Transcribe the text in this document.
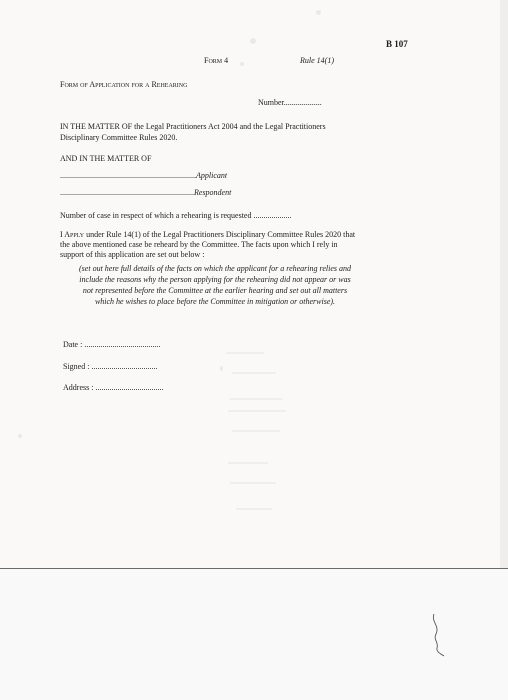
B 107
Form 4	Rule 14(1)
Form of Application for a Rehearing
Number...................
IN THE MATTER OF the Legal Practitioners Act 2004 and the Legal Practitioners Disciplinary Committee Rules 2020.
AND IN THE MATTER OF
....................................................................Applicant
...................................................................Respondent
Number of case in respect of which a rehearing is requested ...................
I Apply under Rule 14(1) of the Legal Practitioners Disciplinary Committee Rules 2020 that the above mentioned case be reheard by the Committee. The facts upon which I rely in support of this application are set out below :
(set out here full details of the facts on which the applicant for a rehearing relies and include the reasons why the person applying for the rehearing did not appear or was not represented before the Committee at the earlier hearing and set out all matters which he wishes to place before the Committee in mitigation or otherwise).
Date : ......................................
Signed : .................................
Address : ..................................
